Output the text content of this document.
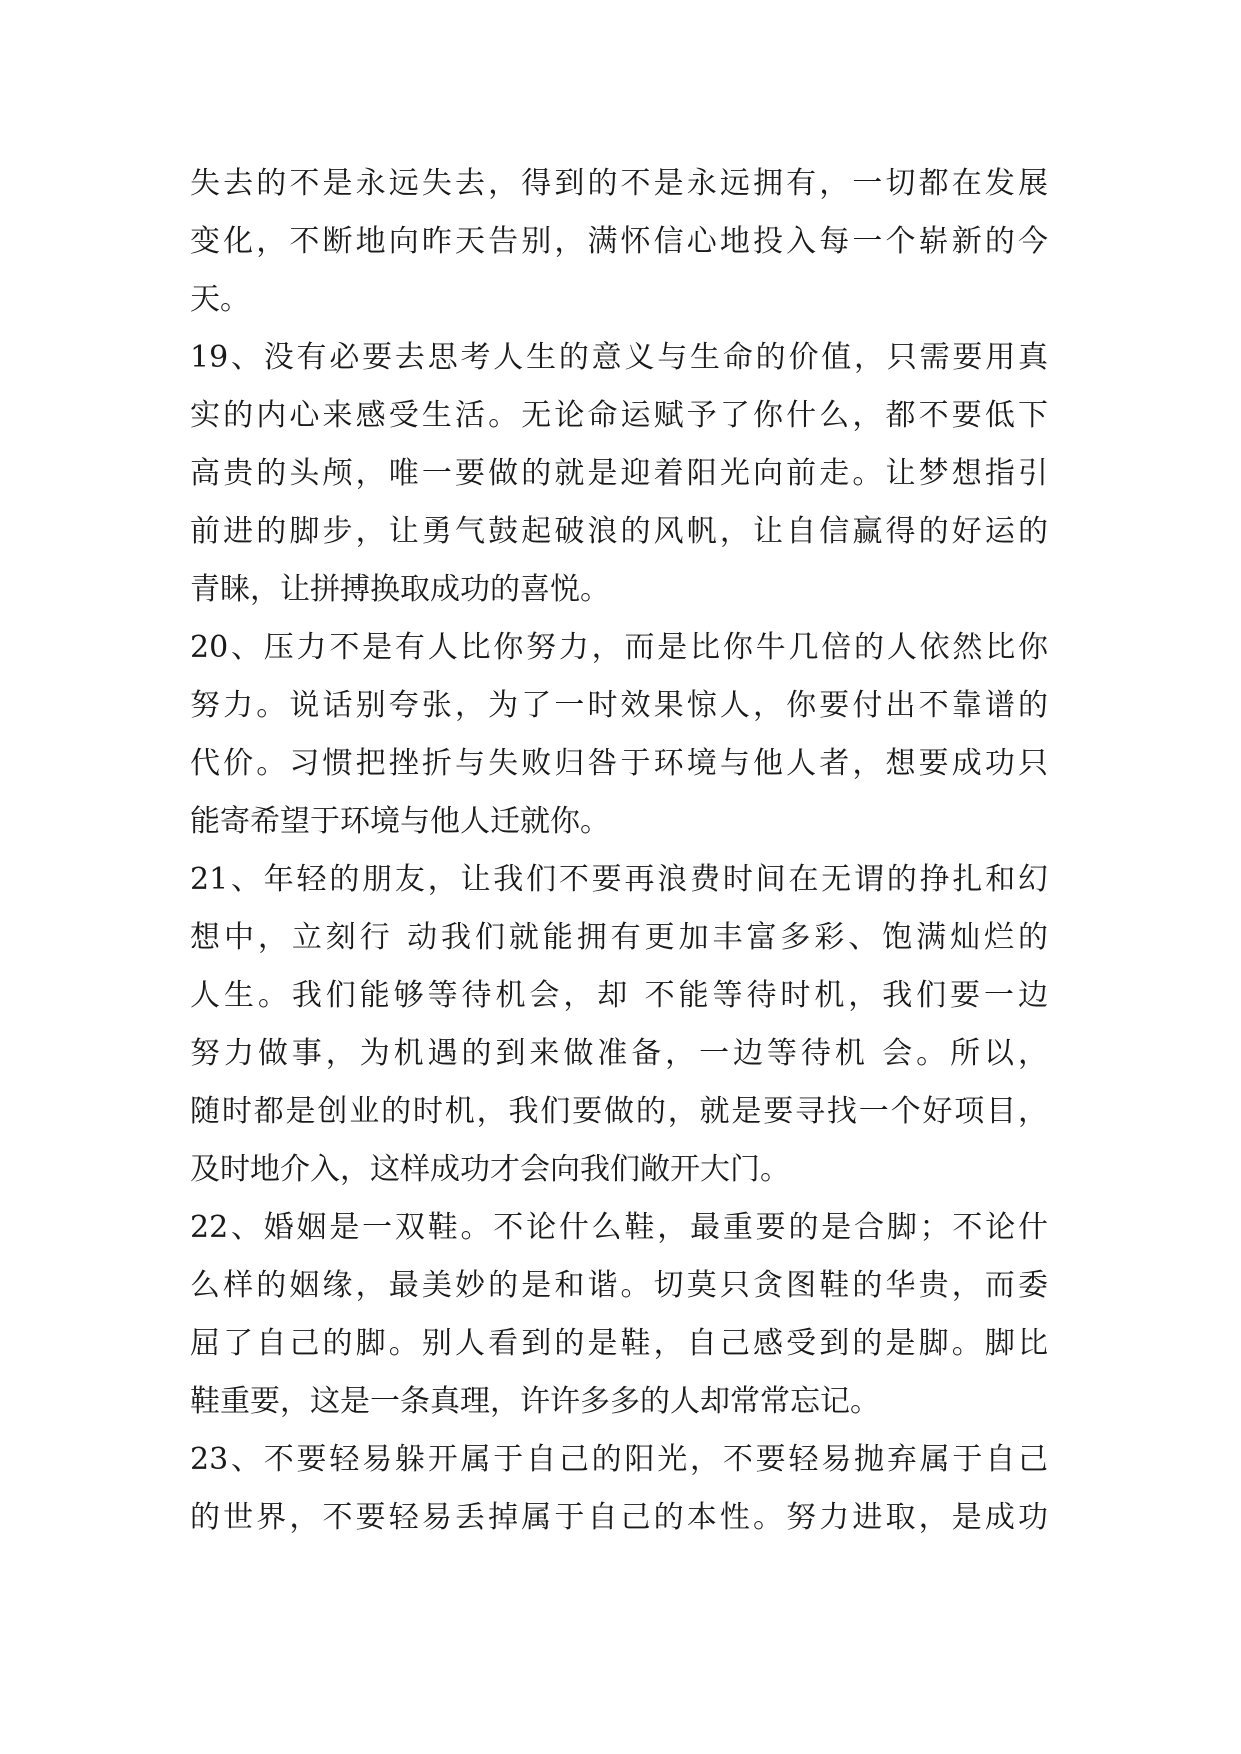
失去的不是永远失去，得到的不是永远拥有，一切都在发展
变化，不断地向昨天告别，满怀信心地投入每一个崭新的今
天。
19、没有必要去思考人生的意义与生命的价值，只需要用真
实的内心来感受生活。无论命运赋予了你什么，都不要低下
高贵的头颅，唯一要做的就是迎着阳光向前走。让梦想指引
前进的脚步，让勇气鼓起破浪的风帆，让自信赢得的好运的
青睐，让拼搏换取成功的喜悦。
20、压力不是有人比你努力，而是比你牛几倍的人依然比你
努力。说话别夸张，为了一时效果惊人，你要付出不靠谱的
代价。习惯把挫折与失败归咎于环境与他人者，想要成功只
能寄希望于环境与他人迁就你。
21、年轻的朋友，让我们不要再浪费时间在无谓的挣扎和幻
想中，立刻行 动我们就能拥有更加丰富多彩、饱满灿烂的
人生。我们能够等待机会，却 不能等待时机，我们要一边
努力做事，为机遇的到来做准备，一边等待机 会。所以，
随时都是创业的时机，我们要做的，就是要寻找一个好项目，
及时地介入，这样成功才会向我们敞开大门。
22、婚姻是一双鞋。不论什么鞋，最重要的是合脚；不论什
么样的姻缘，最美妙的是和谐。切莫只贪图鞋的华贵，而委
屈了自己的脚。别人看到的是鞋，自己感受到的是脚。脚比
鞋重要，这是一条真理，许许多多的人却常常忘记。
23、不要轻易躲开属于自己的阳光，不要轻易抛弃属于自己
的世界，不要轻易丢掉属于自己的本性。努力进取，是成功
